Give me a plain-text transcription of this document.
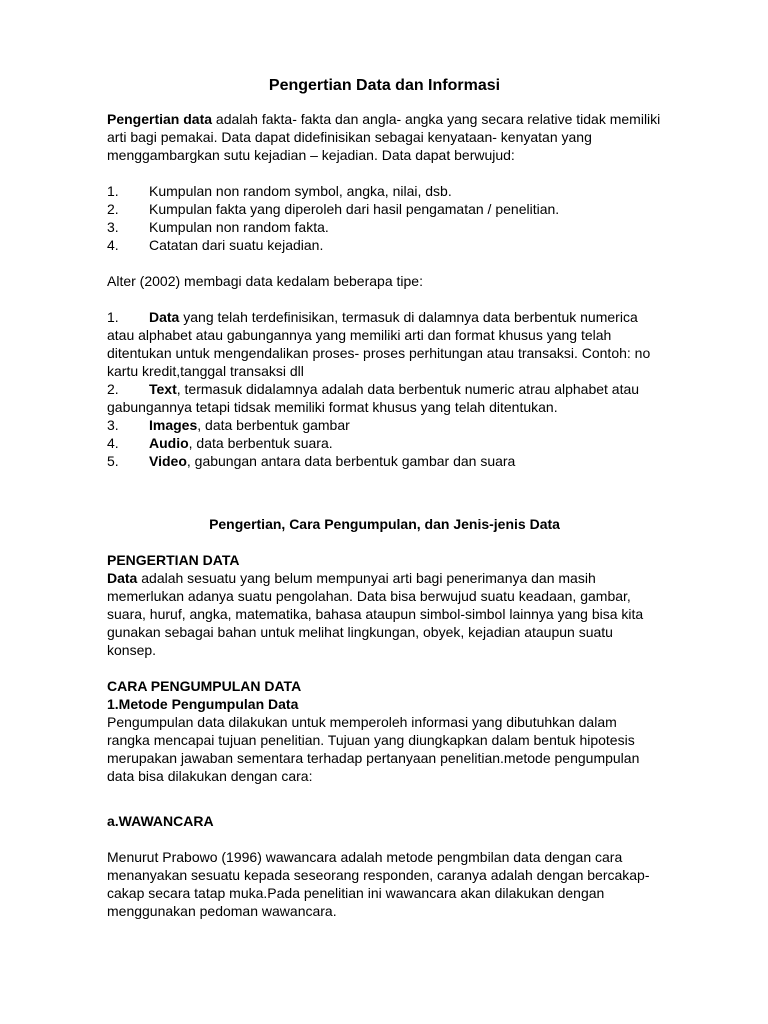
Pengertian Data dan Informasi

Pengertian data adalah fakta- fakta dan angla- angka yang secara relative tidak memiliki arti bagi pemakai. Data dapat didefinisikan sebagai kenyataan- kenyatan yang menggambargkan sutu kejadian – kejadian. Data dapat berwujud:

1. Kumpulan non random symbol, angka, nilai, dsb.
2. Kumpulan fakta yang diperoleh dari hasil pengamatan / penelitian.
3. Kumpulan non random fakta.
4. Catatan dari suatu kejadian.

Alter (2002) membagi data kedalam beberapa tipe:

1. Data yang telah terdefinisikan, termasuk di dalamnya data berbentuk numerica atau alphabet atau gabungannya yang memiliki arti dan format khusus yang telah ditentukan untuk mengendalikan proses- proses perhitungan atau transaksi. Contoh: no kartu kredit,tanggal transaksi dll

2. Text, termasuk didalamnya adalah data berbentuk numeric atrau alphabet atau gabungannya tetapi tidsak memiliki format khusus yang telah ditentukan.

3. Images, data berbentuk gambar

4. Audio, data berbentuk suara.

5. Video, gabungan antara data berbentuk gambar dan suara

Pengertian, Cara Pengumpulan, dan Jenis-jenis Data

PENGERTIAN DATA

Data adalah sesuatu yang belum mempunyai arti bagi penerimanya dan masih memerlukan adanya suatu pengolahan. Data bisa berwujud suatu keadaan, gambar, suara, huruf, angka, matematika, bahasa ataupun simbol-simbol lainnya yang bisa kita gunakan sebagai bahan untuk melihat lingkungan, obyek, kejadian ataupun suatu konsep.

CARA PENGUMPULAN DATA

1.Metode Pengumpulan Data

Pengumpulan data dilakukan untuk memperoleh informasi yang dibutuhkan dalam rangka mencapai tujuan penelitian. Tujuan yang diungkapkan dalam bentuk hipotesis merupakan jawaban sementara terhadap pertanyaan penelitian.metode pengumpulan data bisa dilakukan dengan cara:

a.WAWANCARA

Menurut Prabowo (1996) wawancara adalah metode pengmbilan data dengan cara menanyakan sesuatu kepada seseorang responden, caranya adalah dengan bercakap-cakap secara tatap muka.Pada penelitian ini wawancara akan dilakukan dengan menggunakan pedoman wawancara.
